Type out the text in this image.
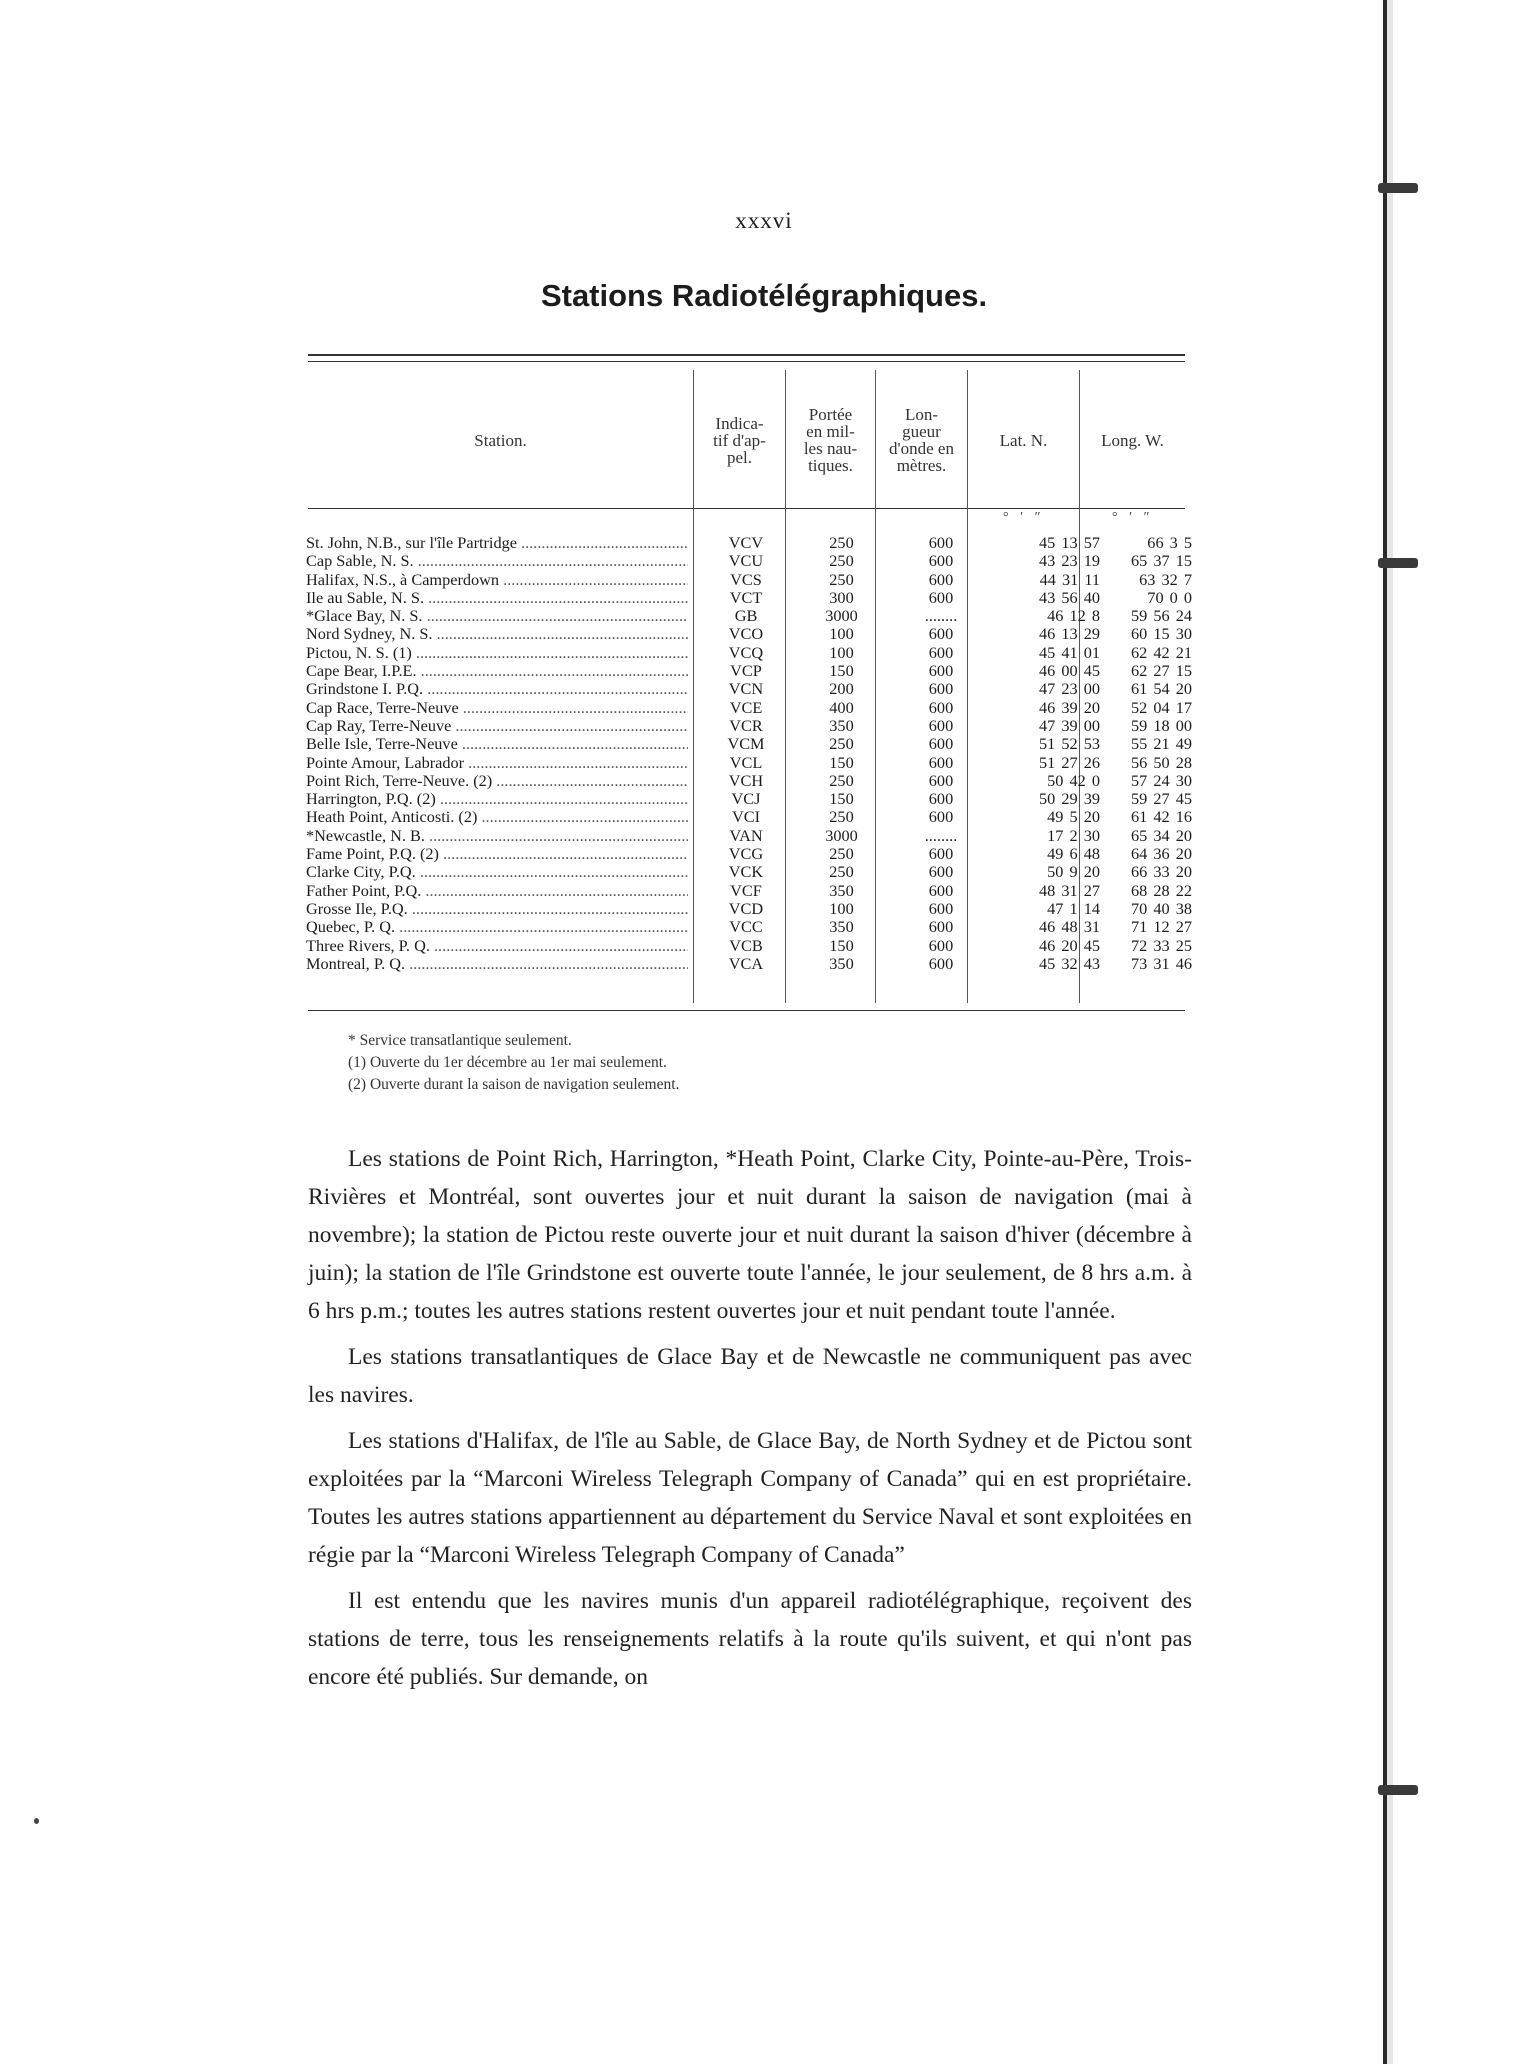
xxxvi
Stations Radiotélégraphiques.
Station.
Indica-
tif d'ap-
pel.
Portée
en mil-
les nau-
tiques.
Lon-
gueur
d'onde en
mètres.
Lat. N.	Long. W.
° ′ ″	° ′ ″
St. John, N.B., sur l'île Partridge .....	VCV	250	600	45 13 57	66 3 5
Cap Sable, N. S. .....	VCU	250	600	43 23 19	65 37 15
Halifax, N.S., à Camperdown .....	VCS	250	600	44 31 11	63 32 7
Ile au Sable, N. S. .....	VCT	300	600	43 56 40	70 0 0
*Glace Bay, N. S. .....	GB	3000	........	46 12 8	59 56 24
Nord Sydney, N. S. .....	VCO	100	600	46 13 29	60 15 30
Pictou, N. S. (1) .....	VCQ	100	600	45 41 01	62 42 21
Cape Bear, I.P.E. .....	VCP	150	600	46 00 45	62 27 15
Grindstone I. P.Q. .....	VCN	200	600	47 23 00	61 54 20
Cap Race, Terre-Neuve .....	VCE	400	600	46 39 20	52 04 17
Cap Ray, Terre-Neuve .....	VCR	350	600	47 39 00	59 18 00
Belle Isle, Terre-Neuve .....	VCM	250	600	51 52 53	55 21 49
Pointe Amour, Labrador .....	VCL	150	600	51 27 26	56 50 28
Point Rich, Terre-Neuve. (2) .....	VCH	250	600	50 42 0	57 24 30
Harrington, P.Q. (2) .....	VCJ	150	600	50 29 39	59 27 45
Heath Point, Anticosti. (2) .....	VCI	250	600	49 5 20	61 42 16
*Newcastle, N. B. .....	VAN	3000	........	17 2 30	65 34 20
Fame Point, P.Q. (2) .....	VCG	250	600	49 6 48	64 36 20
Clarke City, P.Q. .....	VCK	250	600	50 9 20	66 33 20
Father Point, P.Q. .....	VCF	350	600	48 31 27	68 28 22
Grosse Ile, P.Q. .....	VCD	100	600	47 1 14	70 40 38
Quebec, P. Q. .....	VCC	350	600	46 48 31	71 12 27
Three Rivers, P. Q. .....	VCB	150	600	46 20 45	72 33 25
Montreal, P. Q. .....	VCA	350	600	45 32 43	73 31 46
* Service transatlantique seulement.
(1) Ouverte du 1er décembre au 1er mai seulement.
(2) Ouverte durant la saison de navigation seulement.

Les stations de Point Rich, Harrington, *Heath Point, Clarke City, Pointe-au-Père, Trois-Rivières et Montréal, sont ouvertes jour et nuit durant la saison de navigation (mai à novembre); la station de Pictou reste ouverte jour et nuit durant la saison d'hiver (décembre à juin); la station de l'île Grindstone est ouverte toute l'année, le jour seulement, de 8 hrs a.m. à 6 hrs p.m.; toutes les autres stations restent ouvertes jour et nuit pendant toute l'année.

Les stations transatlantiques de Glace Bay et de Newcastle ne communiquent pas avec les navires.

Les stations d'Halifax, de l'île au Sable, de Glace Bay, de North Sydney et de Pictou sont exploitées par la “Marconi Wireless Telegraph Company of Canada” qui en est propriétaire. Toutes les autres stations appartiennent au département du Service Naval et sont exploitées en régie par la “Marconi Wireless Telegraph Company of Canada”

Il est entendu que les navires munis d'un appareil radiotélégraphique, reçoivent des stations de terre, tous les renseignements relatifs à la route qu'ils suivent, et qui n'ont pas encore été publiés. Sur demande, on
